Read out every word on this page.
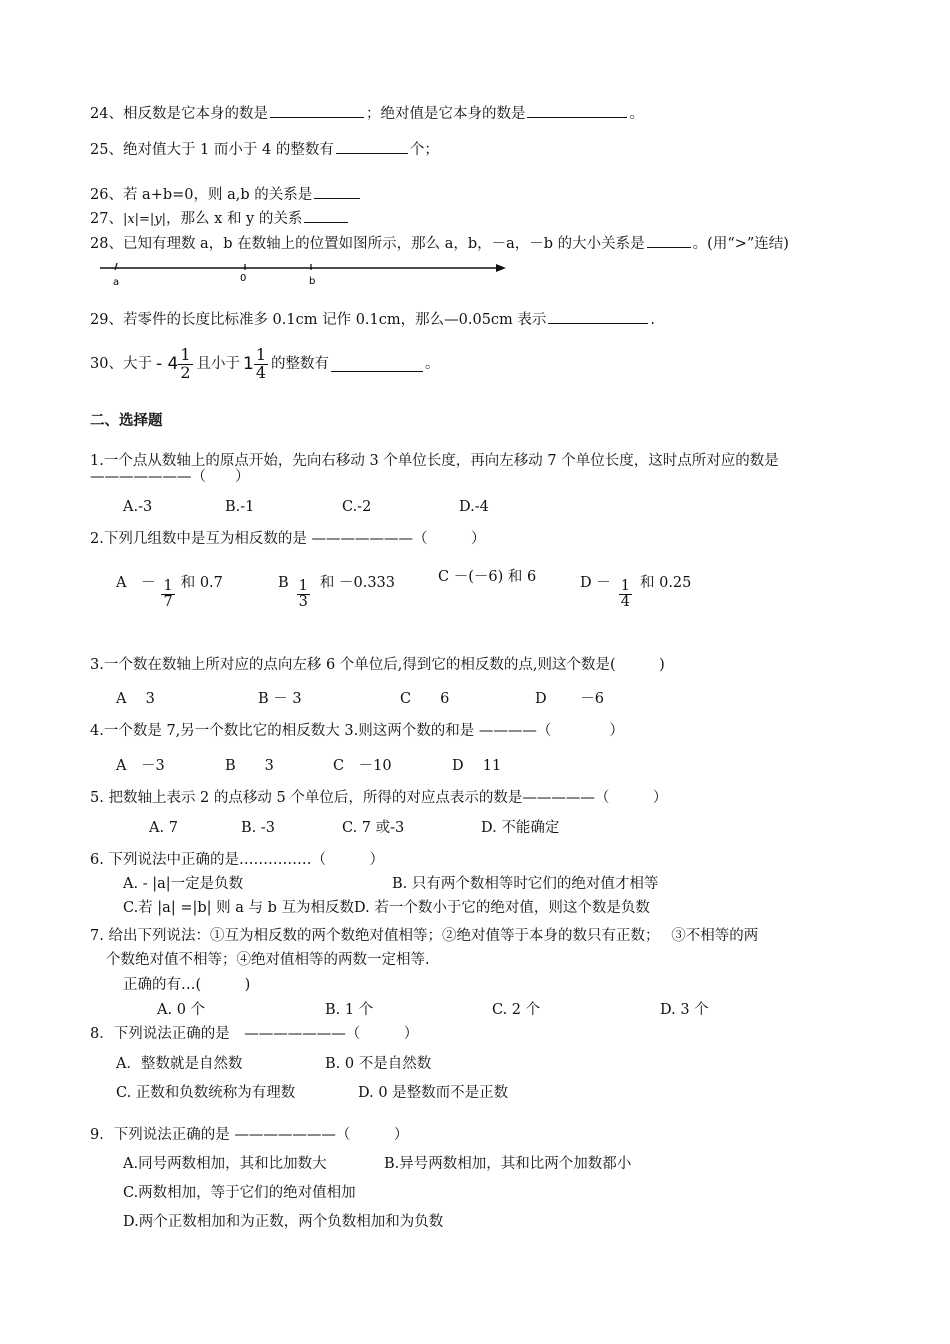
24、相反数是它本身的数是	；绝对值是它本身的数是	。
25、绝对值大于 1 而小于 4 的整数有	个；
26、若 a+b=0，则 a,b 的关系是
27、|x|=|y|，那么 x 和 y 的关系
28、已知有理数 a，b 在数轴上的位置如图所示，那么 a，b，－a，－b 的大小关系是	。(用“>”连结)
a	0	b
29、若零件的长度比标准多 0.1cm 记作 0.1cm，那么—0.05cm 表示	.
30、大于 - $4 \frac{1}{2}$ 且小于 $1 \frac{1}{4}$ 的整数有	。
二、选择题
1.一个点从数轴上的原点开始，先向右移动 3 个单位长度，再向左移动 7 个单位长度，这时点所对应的数是
———————（　　）
A.-3	B.-1	C.-2	D.-4
2.下列几组数中是互为相反数的是 ———————（　　　）
A　－ $\frac{1}{7}$ 和 0.7	B $\frac{1}{3}$ 和 －0.333	C －(－6) 和 6	$D - \frac{1}{4}$ 和 0.25
3.一个数在数轴上所对应的点向左移 6 个单位后,得到它的相反数的点,则这个数是(　　　)
A　 3	B － 3	C　　6	D　　 －6
4.一个数是 7,另一个数比它的相反数大 3.则这两个数的和是 ————（　　　　）
A　－3	B　　3	C　－10	D　 11
5. 把数轴上表示 2 的点移动 5 个单位后，所得的对应点表示的数是—————（　　　）
A. 7	B. -3	C. 7 或-3	D. 不能确定
6. 下列说法中正确的是……………（　　　）
A. - |a|一定是负数	B. 只有两个数相等时它们的绝对值才相等
C.若 |a| =|b| 则 a 与 b 互为相反数D. 若一个数小于它的绝对值，则这个数是负数
7. 给出下列说法：①互为相反数的两个数绝对值相等；②绝对值等于本身的数只有正数；　 ③不相等的两
个数绝对值不相等；④绝对值相等的两数一定相等.
正确的有…(　　　)
A. 0 个	B. 1 个	C. 2 个	D. 3 个
8．下列说法正确的是　———————（　　　）
A．整数就是自然数	B. 0 不是自然数
C. 正数和负数统称为有理数	D. 0 是整数而不是正数
9．下列说法正确的是 ———————（　　　）
A.同号两数相加，其和比加数大	B.异号两数相加，其和比两个加数都小
C.两数相加，等于它们的绝对值相加
D.两个正数相加和为正数，两个负数相加和为负数
